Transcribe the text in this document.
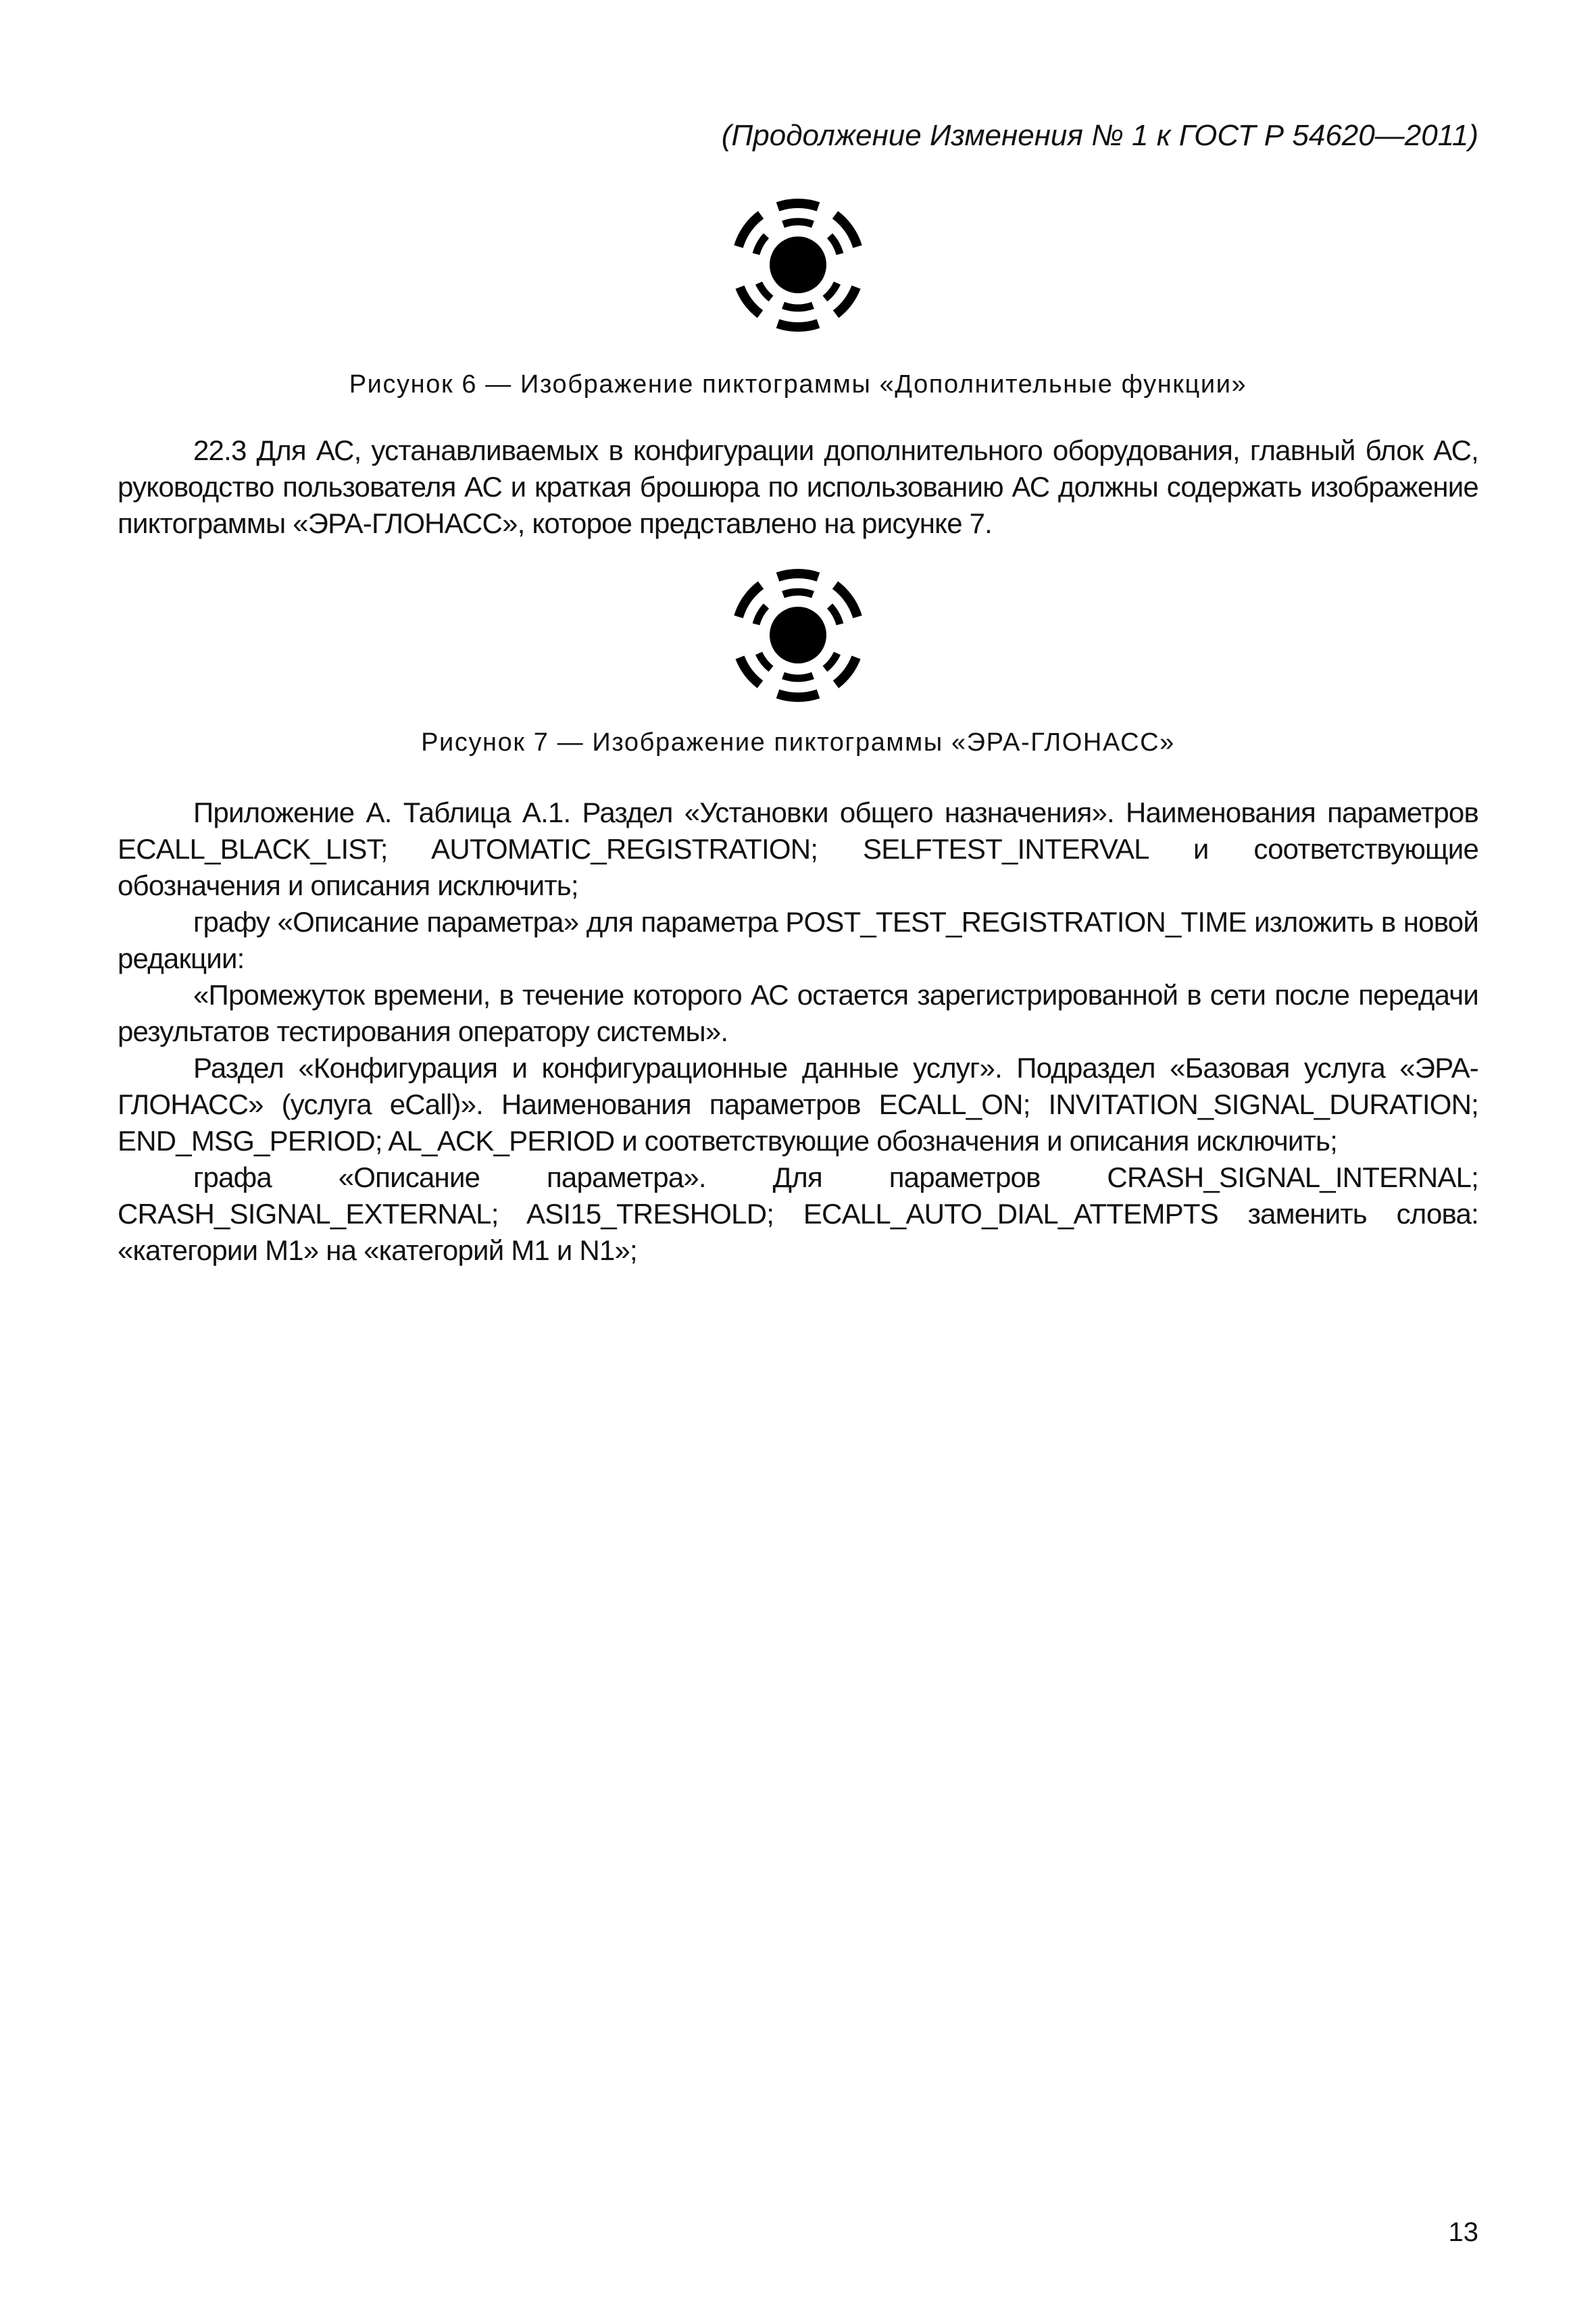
(Продолжение Изменения № 1 к ГОСТ Р 54620—2011)
Рисунок 6 — Изображение пиктограммы «Дополнительные функции»

22.3 Для АС, устанавливаемых в конфигурации дополнительного оборудования, главный блок АС, руководство пользователя АС и краткая брошюра по использованию АС должны содержать изображение пиктограммы «ЭРА-ГЛОНАСС», которое представлено на рисунке 7.

Рисунок 7 — Изображение пиктограммы «ЭРА-ГЛОНАСС»

Приложение А. Таблица А.1. Раздел «Установки общего назначения». Наименования параметров ECALL_BLACK_LIST; AUTOMATIC_REGISTRATION; SELFTEST_INTERVAL и соответствующие обозначения и описания исключить;

графу «Описание параметра» для параметра POST_TEST_REGISTRATION_TIME изложить в новой редакции:

«Промежуток времени, в течение которого АС остается зарегистрированной в сети после передачи результатов тестирования оператору системы».

Раздел «Конфигурация и конфигурационные данные услуг». Подраздел «Базовая услуга «ЭРА-ГЛОНАСС» (услуга eCall)». Наименования параметров ECALL_ON; INVITATION_SIGNAL_DURATION; END_MSG_PERIOD; AL_ACK_PERIOD и соответствующие обозначения и описания исключить;

графа «Описание параметра». Для параметров CRASH_SIGNAL_INTERNAL; CRASH_SIGNAL_EXTERNAL; ASI15_TRESHOLD; ECALL_AUTO_DIAL_ATTEMPTS заменить слова: «категории М1» на «категорий М1 и N1»;

13
